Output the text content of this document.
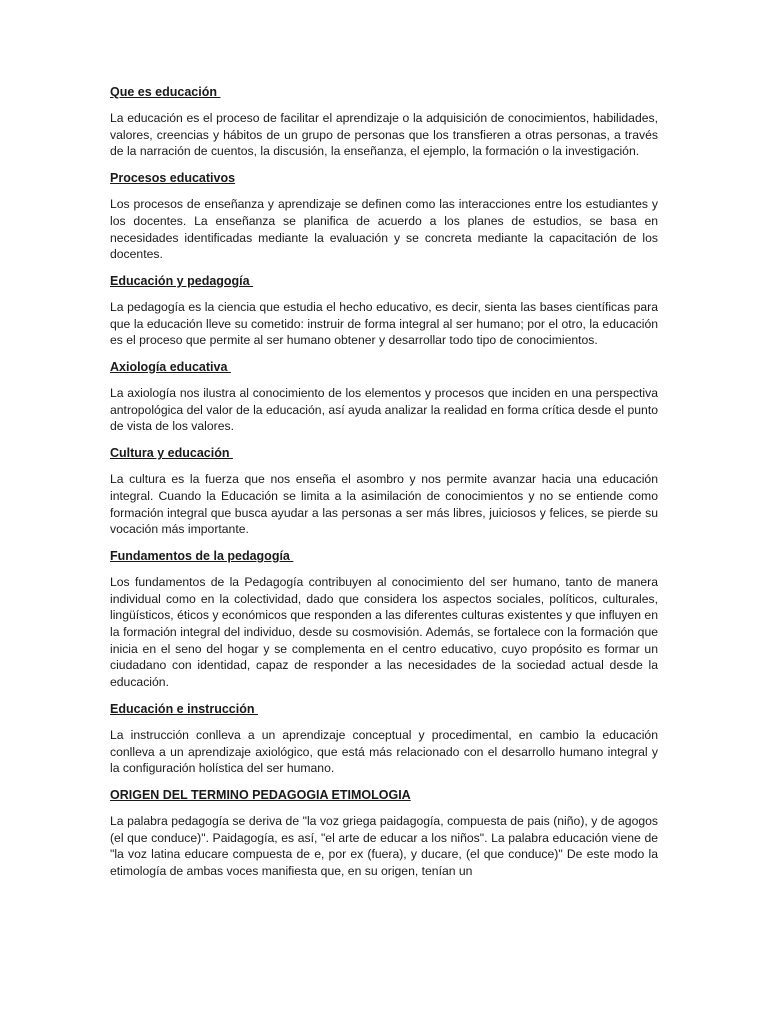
Que es educación

La educación es el proceso de facilitar el aprendizaje o la adquisición de conocimientos, habilidades, valores, creencias y hábitos de un grupo de personas que los transfieren a otras personas, a través de la narración de cuentos, la discusión, la enseñanza, el ejemplo, la formación o la investigación.

Procesos educativos

Los procesos de enseñanza y aprendizaje se definen como las interacciones entre los estudiantes y los docentes. La enseñanza se planifica de acuerdo a los planes de estudios, se basa en necesidades identificadas mediante la evaluación y se concreta mediante la capacitación de los docentes.

Educación y pedagogía

La pedagogía es la ciencia que estudia el hecho educativo, es decir, sienta las bases científicas para que la educación lleve su cometido: instruir de forma integral al ser humano; por el otro, la educación es el proceso que permite al ser humano obtener y desarrollar todo tipo de conocimientos.

Axiología educativa

La axiología nos ilustra al conocimiento de los elementos y procesos que inciden en una perspectiva antropológica del valor de la educación, así ayuda analizar la realidad en forma crítica desde el punto de vista de los valores.

Cultura y educación

La cultura es la fuerza que nos enseña el asombro y nos permite avanzar hacia una educación integral. Cuando la Educación se limita a la asimilación de conocimientos y no se entiende como formación integral que busca ayudar a las personas a ser más libres, juiciosos y felices, se pierde su vocación más importante.

Fundamentos de la pedagogía

Los fundamentos de la Pedagogía contribuyen al conocimiento del ser humano, tanto de manera individual como en la colectividad, dado que considera los aspectos sociales, políticos, culturales, lingüísticos, éticos y económicos que responden a las diferentes culturas existentes y que influyen en la formación integral del individuo, desde su cosmovisión. Además, se fortalece con la formación que inicia en el seno del hogar y se complementa en el centro educativo, cuyo propósito es formar un ciudadano con identidad, capaz de responder a las necesidades de la sociedad actual desde la educación.

Educación e instrucción

La instrucción conlleva a un aprendizaje conceptual y procedimental, en cambio la educación conlleva a un aprendizaje axiológico, que está más relacionado con el desarrollo humano integral y la configuración holística del ser humano.

ORIGEN DEL TERMINO PEDAGOGIA ETIMOLOGIA

La palabra pedagogía se deriva de "la voz griega paidagogía, compuesta de pais (niño), y de agogos (el que conduce)". Paidagogía, es así, "el arte de educar a los niños". La palabra educación viene de "la voz latina educare compuesta de e, por ex (fuera), y ducare, (el que conduce)" De este modo la etimología de ambas voces manifiesta que, en su origen, tenían un
